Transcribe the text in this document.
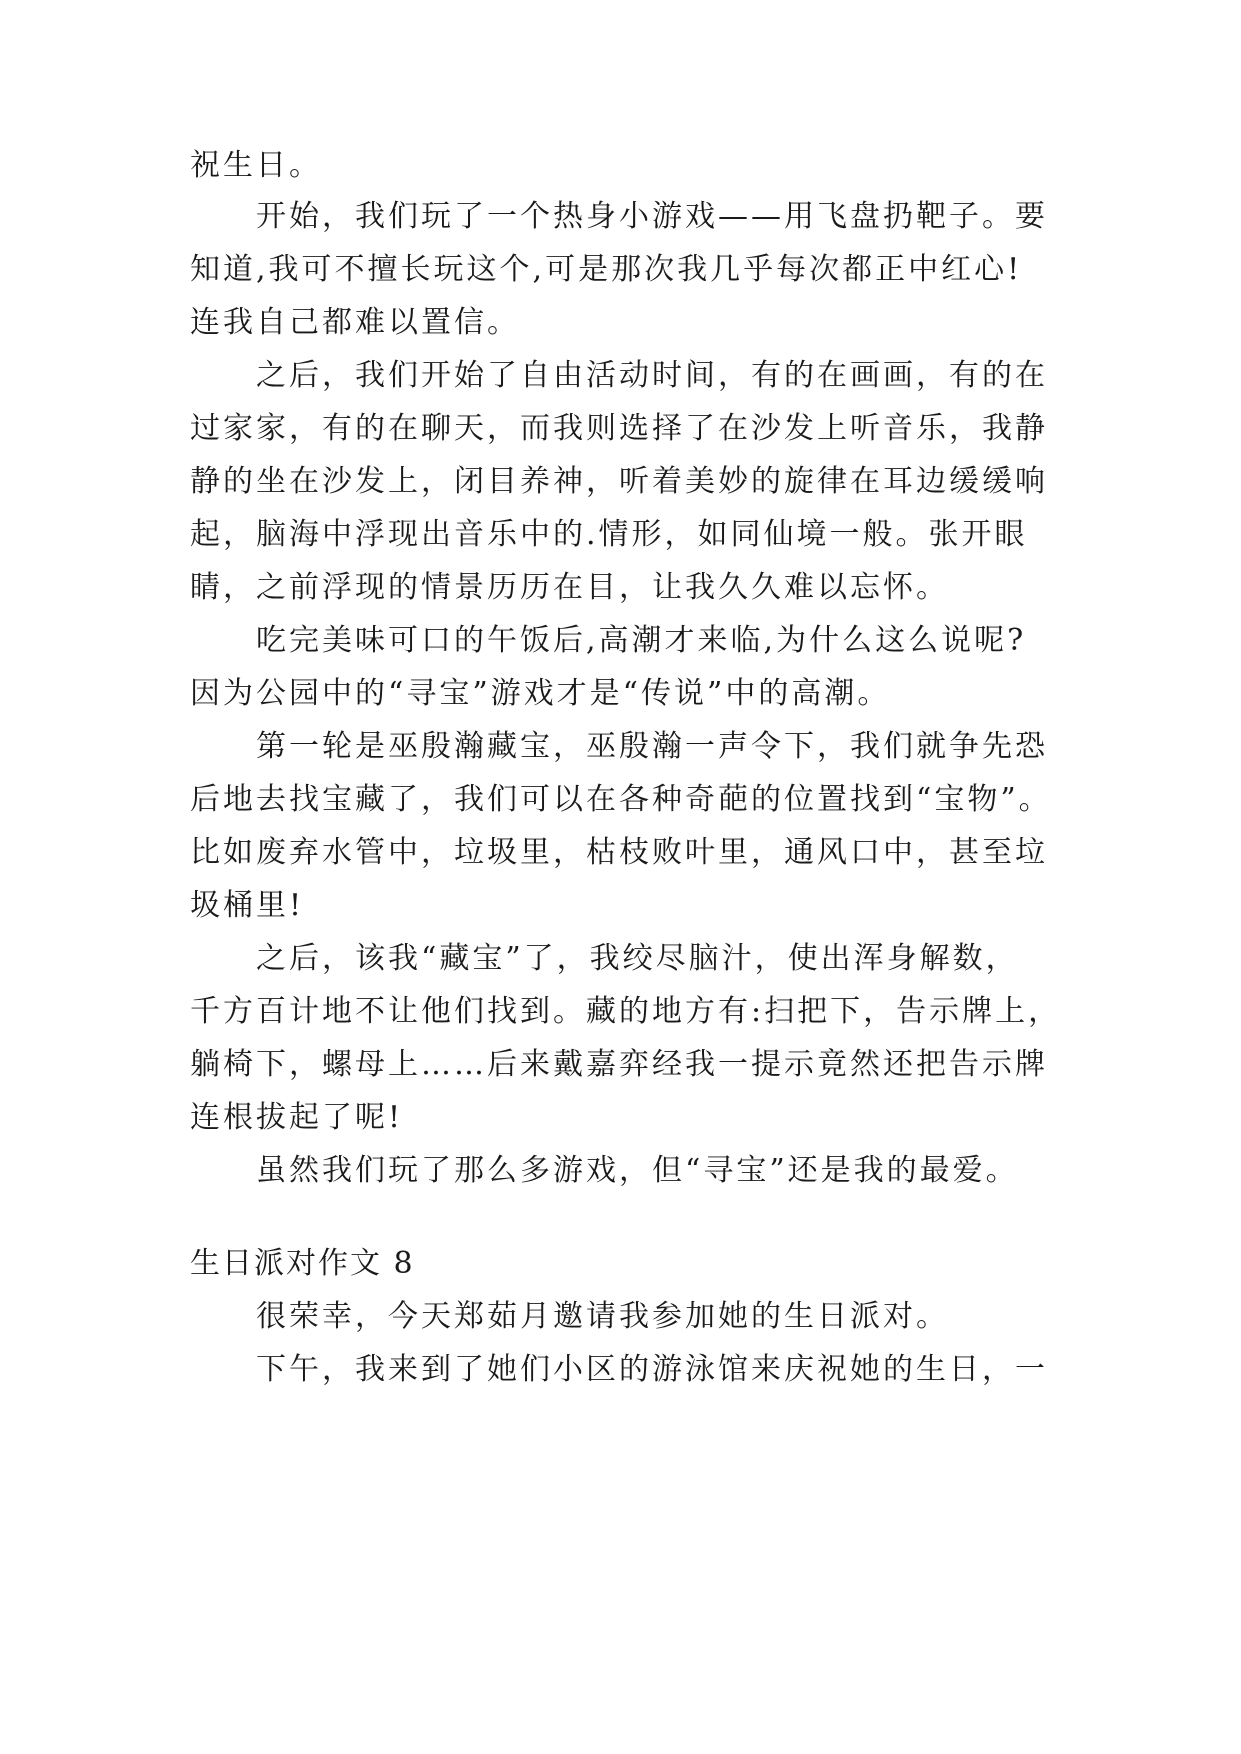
祝生日。
开始，我们玩了一个热身小游戏——用飞盘扔靶子。要
知道,我可不擅长玩这个,可是那次我几乎每次都正中红心!
连我自己都难以置信。
之后，我们开始了自由活动时间，有的在画画，有的在
过家家，有的在聊天，而我则选择了在沙发上听音乐，我静
静的坐在沙发上，闭目养神，听着美妙的旋律在耳边缓缓响
起，脑海中浮现出音乐中的.情形，如同仙境一般。张开眼
睛，之前浮现的情景历历在目，让我久久难以忘怀。
吃完美味可口的午饭后,高潮才来临,为什么这么说呢?
因为公园中的“寻宝”游戏才是“传说”中的高潮。
第一轮是巫殷瀚藏宝，巫殷瀚一声令下，我们就争先恐
后地去找宝藏了，我们可以在各种奇葩的位置找到“宝物”。
比如废弃水管中，垃圾里，枯枝败叶里，通风口中，甚至垃
圾桶里!
之后，该我“藏宝”了，我绞尽脑汁，使出浑身解数，
千方百计地不让他们找到。藏的地方有:扫把下，告示牌上，
躺椅下，螺母上……后来戴嘉弈经我一提示竟然还把告示牌
连根拔起了呢!
虽然我们玩了那么多游戏，但“寻宝”还是我的最爱。
生日派对作文 8
很荣幸，今天郑茹月邀请我参加她的生日派对。
下午，我来到了她们小区的游泳馆来庆祝她的生日，一
